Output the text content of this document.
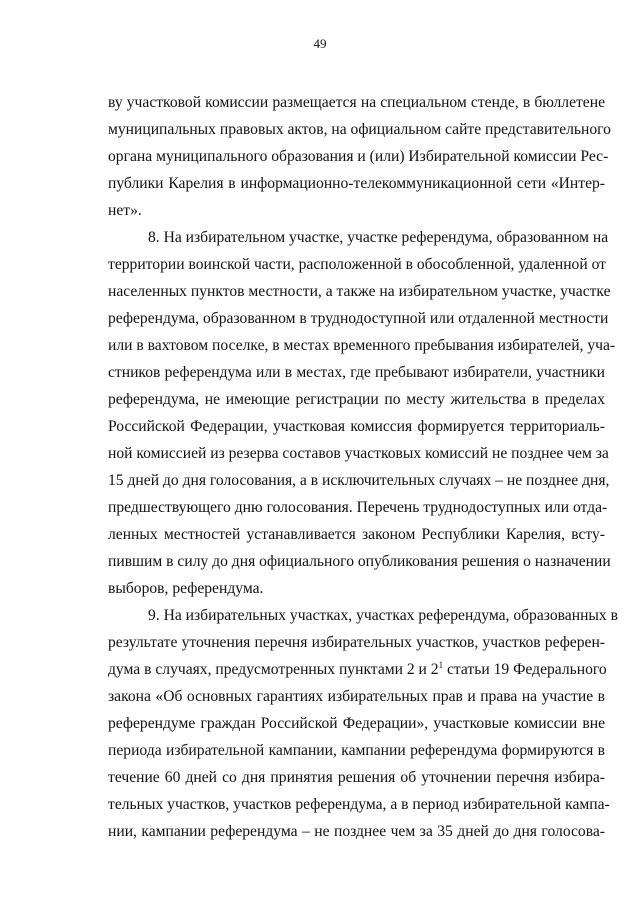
49
ву участковой комиссии размещается на специальном стенде, в бюллетене
муниципальных правовых актов, на официальном сайте представительного
органа муниципального образования и (или) Избирательной комиссии Рес-
публики Карелия в информационно-телекоммуникационной сети «Интер-
нет».
8. На избирательном участке, участке референдума, образованном на
территории воинской части, расположенной в обособленной, удаленной от
населенных пунктов местности, а также на избирательном участке, участке
референдума, образованном в труднодоступной или отдаленной местности
или в вахтовом поселке, в местах временного пребывания избирателей, уча-
стников референдума или в местах, где пребывают избиратели, участники
референдума, не имеющие регистрации по месту жительства в пределах
Российской Федерации, участковая комиссия формируется территориаль-
ной комиссией из резерва составов участковых комиссий не позднее чем за
15 дней до дня голосования, а в исключительных случаях – не позднее дня,
предшествующего дню голосования. Перечень труднодоступных или отда-
ленных местностей устанавливается законом Республики Карелия, всту-
пившим в силу до дня официального опубликования решения о назначении
выборов, референдума.
9. На избирательных участках, участках референдума, образованных в
результате уточнения перечня избирательных участков, участков референ-
дума в случаях, предусмотренных пунктами 2 и $2^1$ статьи 19 Федерального
закона «Об основных гарантиях избирательных прав и права на участие в
референдуме граждан Российской Федерации», участковые комиссии вне
периода избирательной кампании, кампании референдума формируются в
течение 60 дней со дня принятия решения об уточнении перечня избира-
тельных участков, участков референдума, а в период избирательной кампа-
нии, кампании референдума – не позднее чем за 35 дней до дня голосова-
